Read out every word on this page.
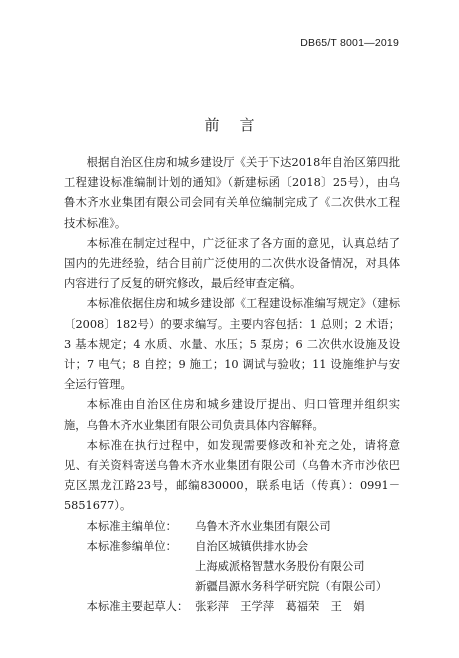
DB65/T 8001—2019
前言

根据自治区住房和城乡建设厅《关于下达2018年自治区第四批工程建设标准编制计划的通知》（新建标函〔2018〕25号），由乌鲁木齐水业集团有限公司会同有关单位编制完成了《二次供水工程技术标准》。

本标准在制定过程中，广泛征求了各方面的意见，认真总结了国内的先进经验，结合目前广泛使用的二次供水设备情况，对具体内容进行了反复的研究修改，最后经审查定稿。

本标准依据住房和城乡建设部《工程建设标准编写规定》（建标〔2008〕182号）的要求编写。主要内容包括：1 总则；2 术语；3 基本规定；4 水质、水量、水压；5 泵房；6 二次供水设施及设计；7 电气；8 自控；9 施工；10 调试与验收；11 设施维护与安全运行管理。

本标准由自治区住房和城乡建设厅提出、归口管理并组织实施，乌鲁木齐水业集团有限公司负责具体内容解释。

本标准在执行过程中，如发现需要修改和补充之处，请将意见、有关资料寄送乌鲁木齐水业集团有限公司（乌鲁木齐市沙依巴克区黑龙江路23号，邮编830000，联系电话（传真）：0991－5851677）。

本标准主编单位：	乌鲁木齐水业集团有限公司
本标准参编单位：	自治区城镇供排水协会
上海威派格智慧水务股份有限公司
新疆昌源水务科学研究院（有限公司）
本标准主要起草人： 张彩萍　王学萍　葛福荣　王　娟
